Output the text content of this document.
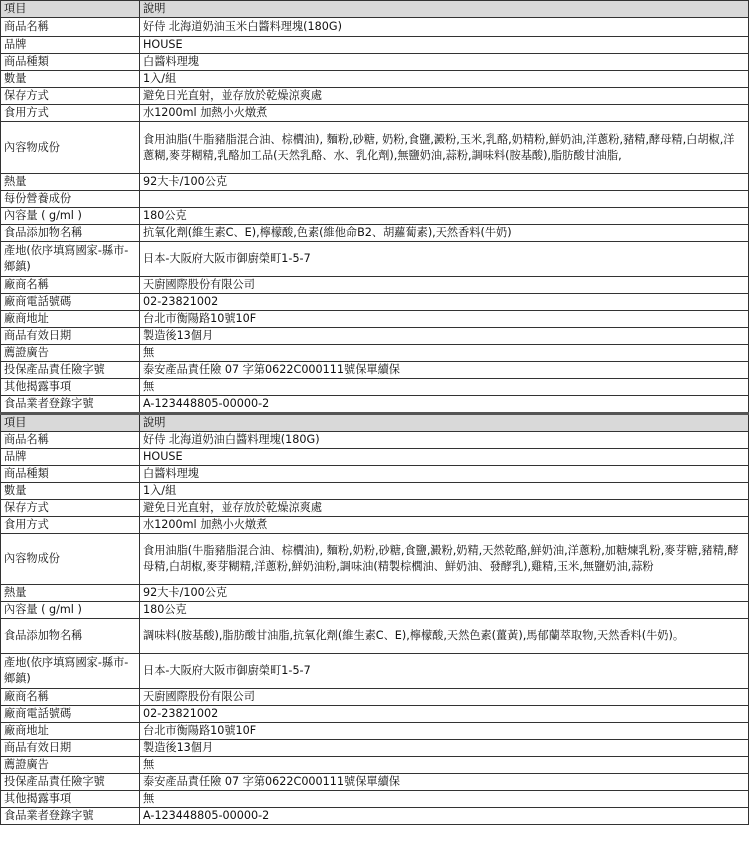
項目	說明
商品名稱	好侍 北海道奶油玉米白醬料理塊(180G)
品牌	HOUSE
商品種類	白醬料理塊
數量	1入/組
保存方式	避免日光直射，並存放於乾燥涼爽處
食用方式	水1200ml 加熱小火燉煮
內容物成份	食用油脂(牛脂豬脂混合油、棕櫚油), 麵粉,砂糖, 奶粉,食鹽,澱粉,玉米,乳酪,奶精粉,鮮奶油,洋蔥粉,豬精,酵母精,白胡椒,洋蔥糊,麥芽糊精,乳酪加工品(天然乳酪、水、乳化劑),無鹽奶油,蒜粉,調味料(胺基酸),脂肪酸甘油脂,
熱量	92大卡/100公克
每份營養成份	
內容量 ( g/ml )	180公克
食品添加物名稱	抗氧化劑(維生素C、E),檸檬酸,色素(維他命B2、胡蘿蔔素),天然香料(牛奶)
產地(依序填寫國家-縣市-鄉鎮)	日本-大阪府大阪市御廚榮町1-5-7
廠商名稱	天廚國際股份有限公司
廠商電話號碼	02-23821002
廠商地址	台北市衡陽路10號10F
商品有效日期	製造後13個月
薦證廣告	無
投保產品責任險字號	泰安產品責任險 07 字第0622C000111號保單續保
其他揭露事項	無
食品業者登錄字號	A-123448805-00000-2
項目	說明
商品名稱	好侍 北海道奶油白醬料理塊(180G)
品牌	HOUSE
商品種類	白醬料理塊
數量	1入/組
保存方式	避免日光直射，並存放於乾燥涼爽處
食用方式	水1200ml 加熱小火燉煮
內容物成份	食用油脂(牛脂豬脂混合油、棕櫚油), 麵粉,奶粉,砂糖,食鹽,澱粉,奶精,天然乾酪,鮮奶油,洋蔥粉,加糖煉乳粉,麥芽糖,豬精,酵母精,白胡椒,麥芽糊精,洋蔥粉,鮮奶油粉,調味油(精製棕櫚油、鮮奶油、發酵乳),雞精,玉米,無鹽奶油,蒜粉
熱量	92大卡/100公克
內容量 ( g/ml )	180公克
食品添加物名稱	調味料(胺基酸),脂肪酸甘油脂,抗氧化劑(維生素C、E),檸檬酸,天然色素(薑黃),馬郁蘭萃取物,天然香料(牛奶)。
產地(依序填寫國家-縣市-鄉鎮)	日本-大阪府大阪市御廚榮町1-5-7
廠商名稱	天廚國際股份有限公司
廠商電話號碼	02-23821002
廠商地址	台北市衡陽路10號10F
商品有效日期	製造後13個月
薦證廣告	無
投保產品責任險字號	泰安產品責任險 07 字第0622C000111號保單續保
其他揭露事項	無
食品業者登錄字號	A-123448805-00000-2
